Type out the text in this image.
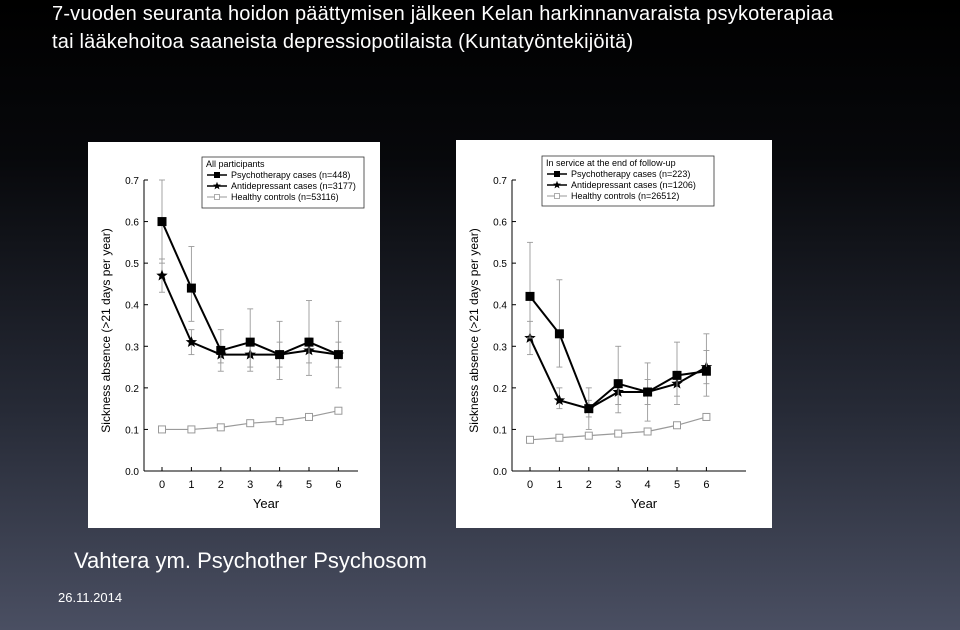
7-vuoden seuranta hoidon päättymisen jälkeen Kelan harkinnanvaraista psykoterapiaa
tai lääkehoitoa saaneista depressiopotilaista (Kuntatyöntekijöitä)
0.0
0.1
0.2
0.3
0.4
0.5
0.6
0.7
0 1 2 3 4 5 6
Year
Sickness absence (>21 days per year)
All participants
Psychotherapy cases (n=448)
Antidepressant cases (n=3177)
Healthy controls (n=53116)
0.0
0.1
0.2
0.3
0.4
0.5
0.6
0.7
0 1 2 3 4 5 6
Year
Sickness absence (>21 days per year)
In service at the end of follow-up
Psychotherapy cases (n=223)
Antidepressant cases (n=1206)
Healthy controls (n=26512)
Vahtera ym. Psychother Psychosom
26.11.2014
